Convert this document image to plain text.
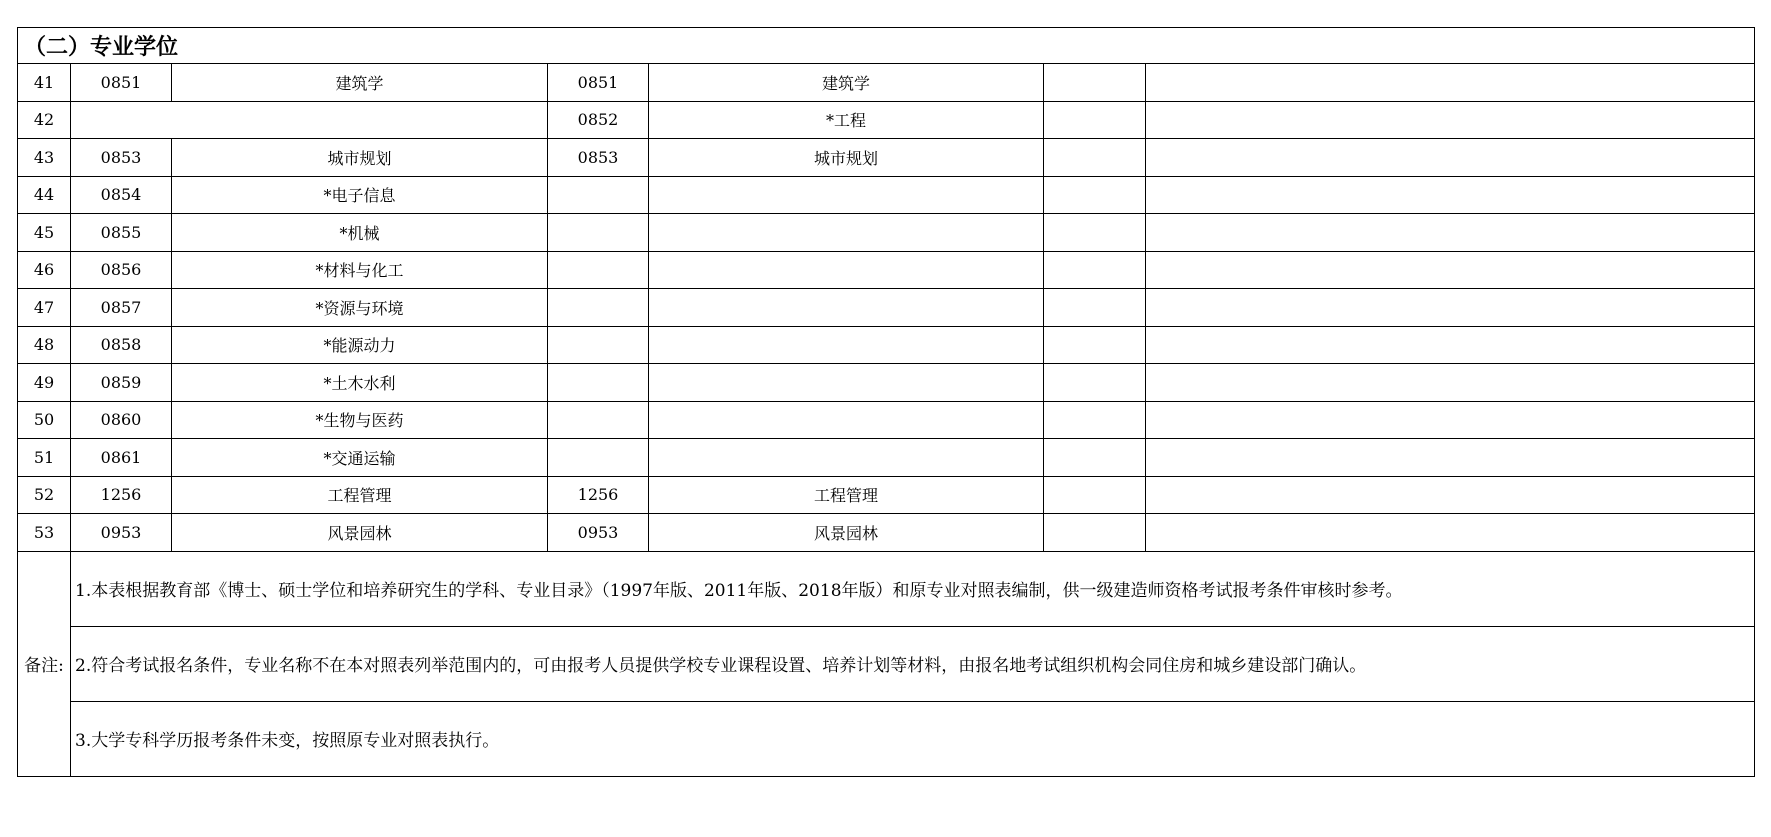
（二）专业学位						
41	0851	建筑学	0851	建筑学		
42			0852	*工程		
43	0853	城市规划	0853	城市规划		
44	0854	*电子信息				
45	0855	*机械				
46	0856	*材料与化工				
47	0857	*资源与环境				
48	0858	*能源动力				
49	0859	*土木水利				
50	0860	*生物与医药				
51	0861	*交通运输				
52	1256	工程管理	1256	工程管理		
53	0953	风景园林	0953	风景园林		
备注:	1.本表根据教育部《博士、硕士学位和培养研究生的学科、专业目录》（1997年版、2011年版、2018年版）和原专业对照表编制，供一级建造师资格考试报考条件审核时参考。					
	2.符合考试报名条件，专业名称不在本对照表列举范围内的，可由报考人员提供学校专业课程设置、培养计划等材料，由报名地考试组织机构会同住房和城乡建设部门确认。					
	3.大学专科学历报考条件未变，按照原专业对照表执行。					
